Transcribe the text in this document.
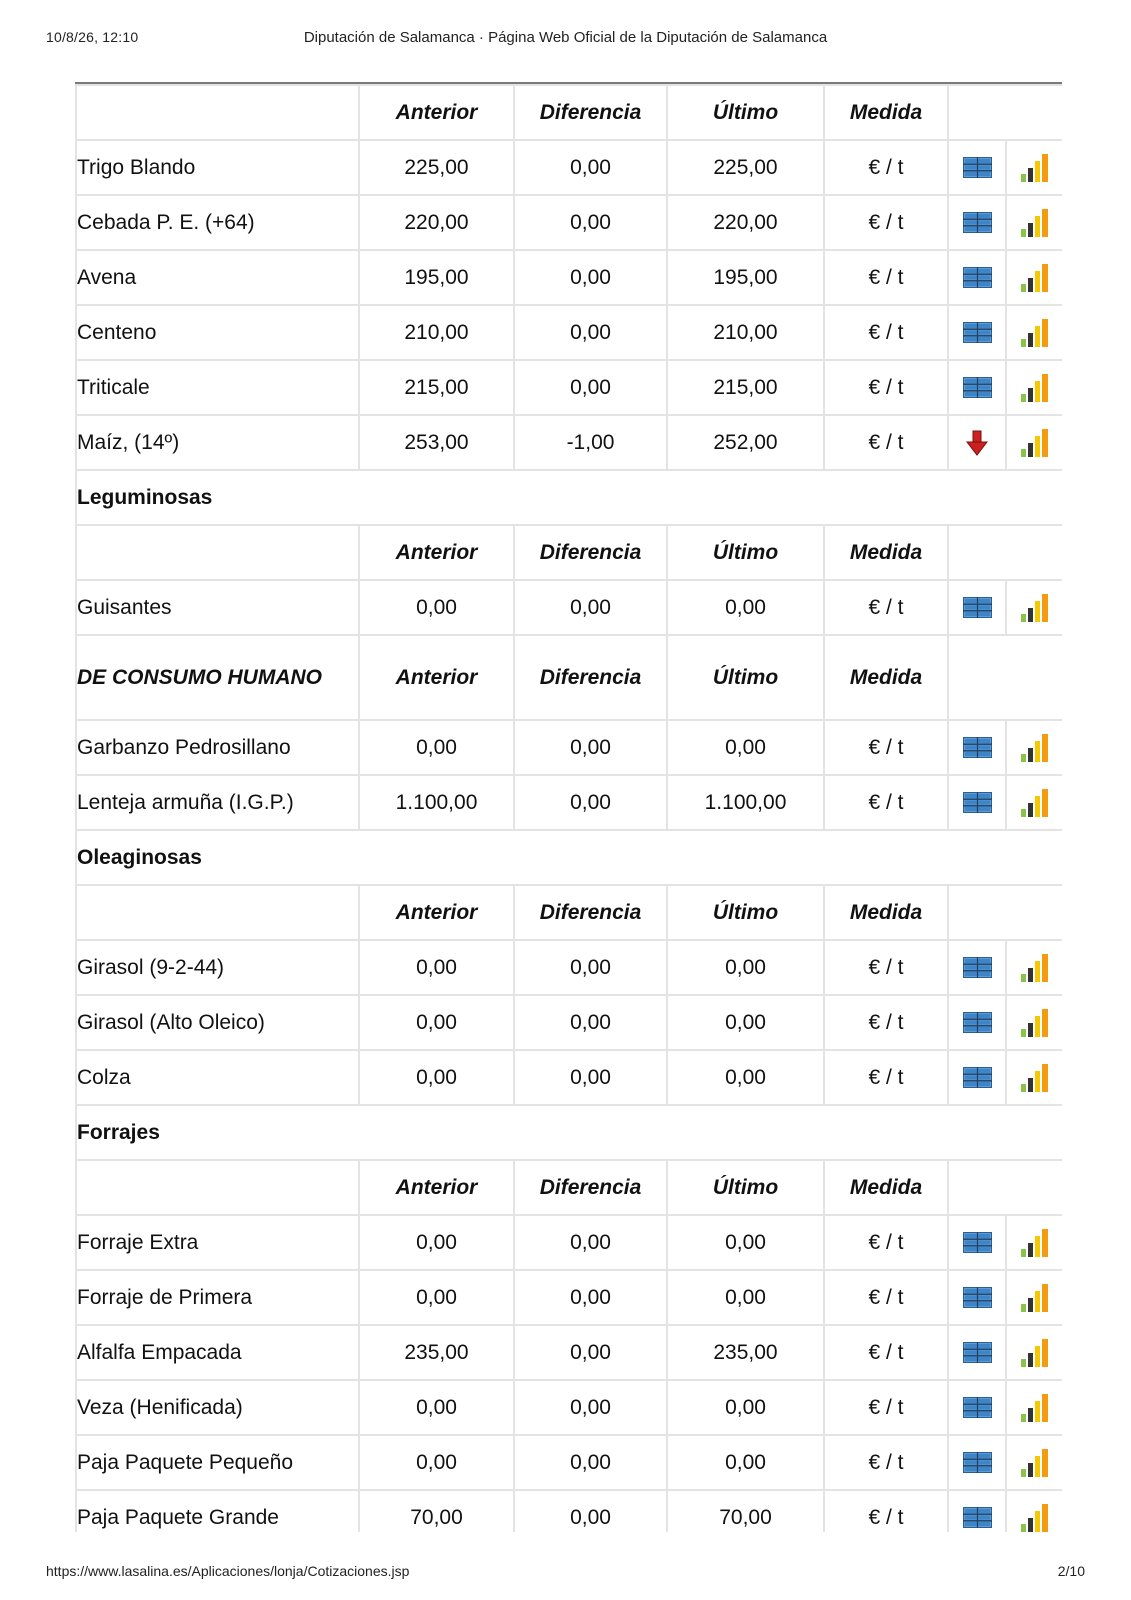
10/8/26, 12:10	Diputación de Salamanca · Página Web Oficial de la Diputación de Salamanca
	Anterior	Diferencia	Último	Medida		
Trigo Blando	225,00	0,00	225,00	€ / t		
Cebada P. E. (+64)	220,00	0,00	220,00	€ / t		
Avena	195,00	0,00	195,00	€ / t		
Centeno	210,00	0,00	210,00	€ / t		
Triticale	215,00	0,00	215,00	€ / t		
Maíz, (14º)	253,00	-1,00	252,00	€ / t		
Leguminosas						
	Anterior	Diferencia	Último	Medida		
Guisantes	0,00	0,00	0,00	€ / t		
DE CONSUMO HUMANO	Anterior	Diferencia	Último	Medida		
Garbanzo Pedrosillano	0,00	0,00	0,00	€ / t		
Lenteja armuña (I.G.P.)	1.100,00	0,00	1.100,00	€ / t		
Oleaginosas						
	Anterior	Diferencia	Último	Medida		
Girasol (9-2-44)	0,00	0,00	0,00	€ / t		
Girasol (Alto Oleico)	0,00	0,00	0,00	€ / t		
Colza	0,00	0,00	0,00	€ / t		
Forrajes						
	Anterior	Diferencia	Último	Medida		
Forraje Extra	0,00	0,00	0,00	€ / t		
Forraje de Primera	0,00	0,00	0,00	€ / t		
Alfalfa Empacada	235,00	0,00	235,00	€ / t		
Veza (Henificada)	0,00	0,00	0,00	€ / t		
Paja Paquete Pequeño	0,00	0,00	0,00	€ / t		
Paja Paquete Grande	70,00	0,00	70,00	€ / t		
https://www.lasalina.es/Aplicaciones/lonja/Cotizaciones.jsp	2/10
